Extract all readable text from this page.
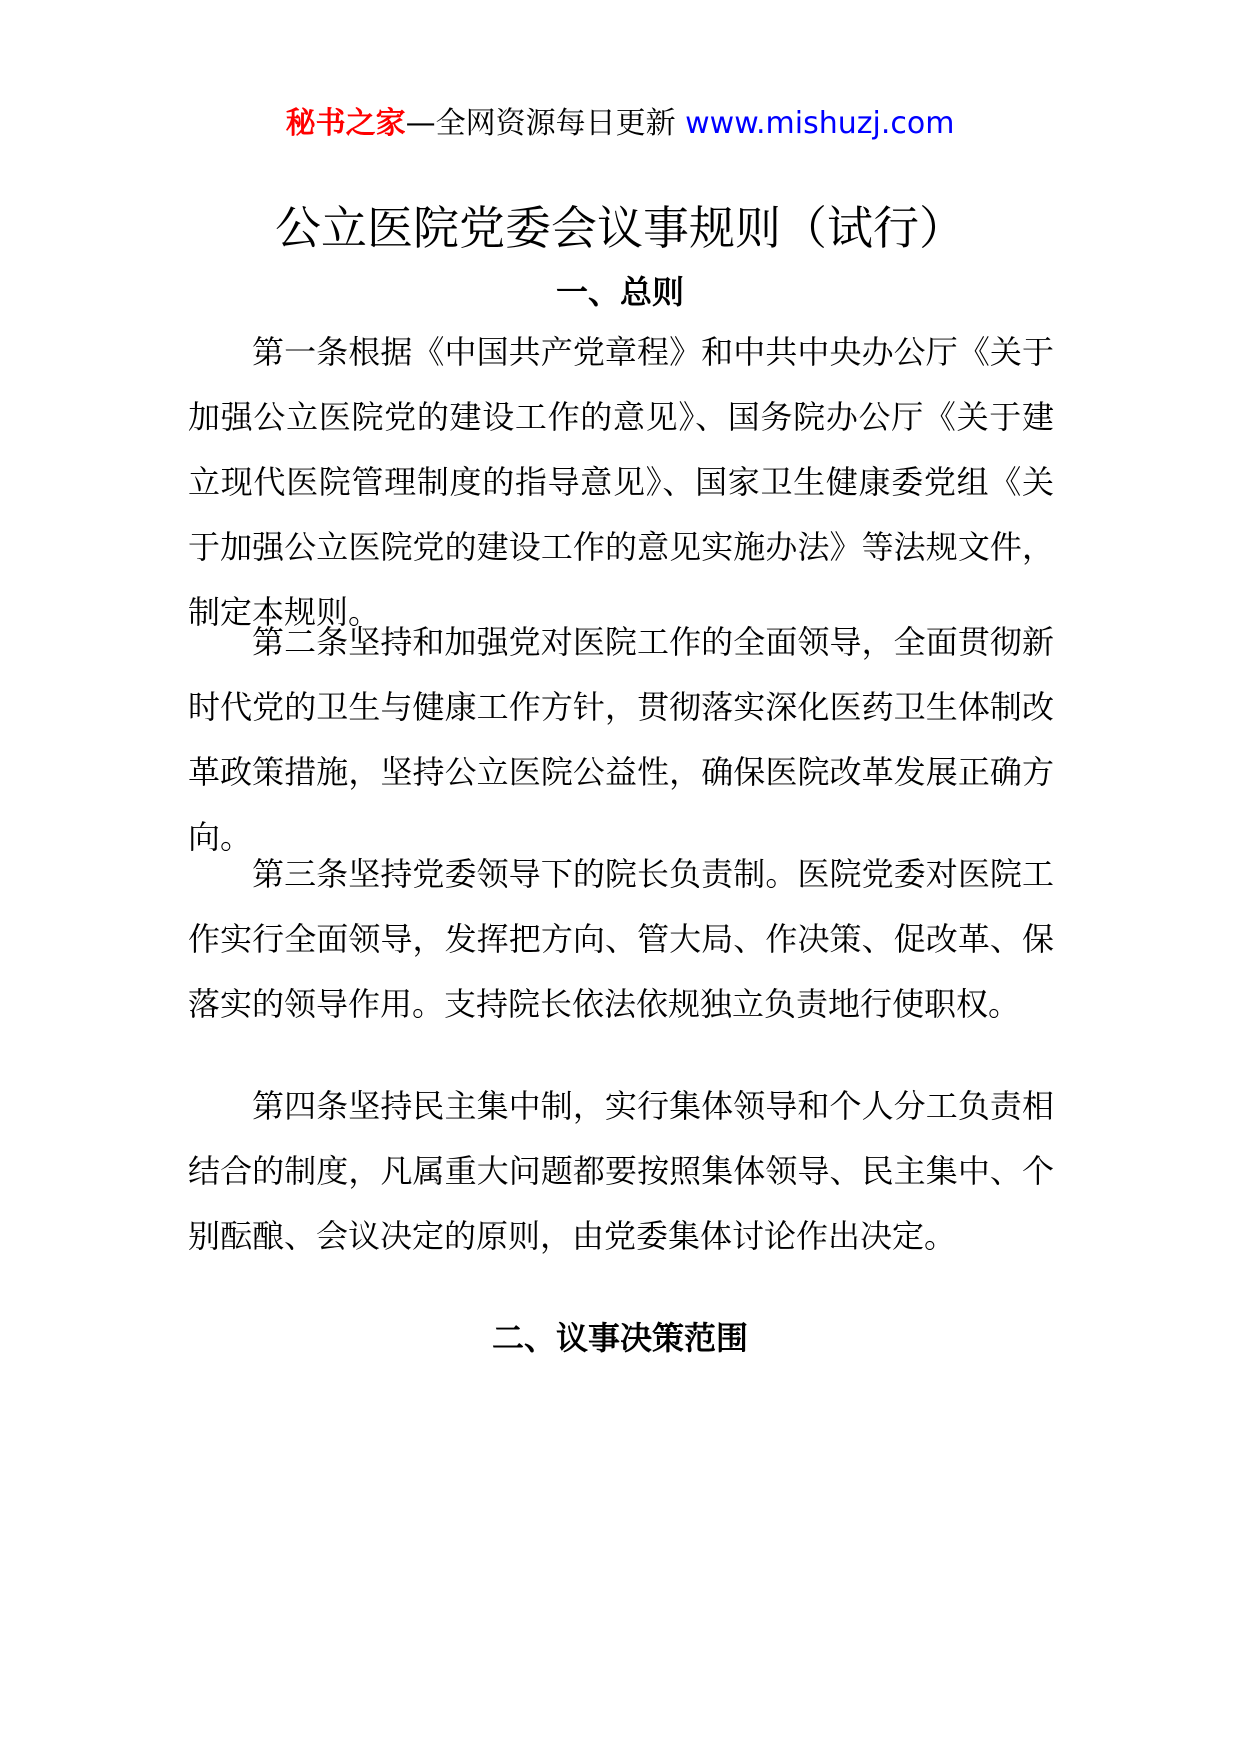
秘书之家—全网资源每日更新 www.mishuzj.com
公立医院党委会议事规则（试行）
一、总则

第一条根据《中国共产党章程》和中共中央办公厅《关于加强公立医院党的建设工作的意见》、国务院办公厅《关于建立现代医院管理制度的指导意见》、国家卫生健康委党组《关于加强公立医院党的建设工作的意见实施办法》等法规文件，制定本规则。

第二条坚持和加强党对医院工作的全面领导，全面贯彻新时代党的卫生与健康工作方针，贯彻落实深化医药卫生体制改革政策措施，坚持公立医院公益性，确保医院改革发展正确方向。

第三条坚持党委领导下的院长负责制。医院党委对医院工作实行全面领导，发挥把方向、管大局、作决策、促改革、保落实的领导作用。支持院长依法依规独立负责地行使职权。

第四条坚持民主集中制，实行集体领导和个人分工负责相结合的制度，凡属重大问题都要按照集体领导、民主集中、个别酝酿、会议决定的原则，由党委集体讨论作出决定。

二、议事决策范围
